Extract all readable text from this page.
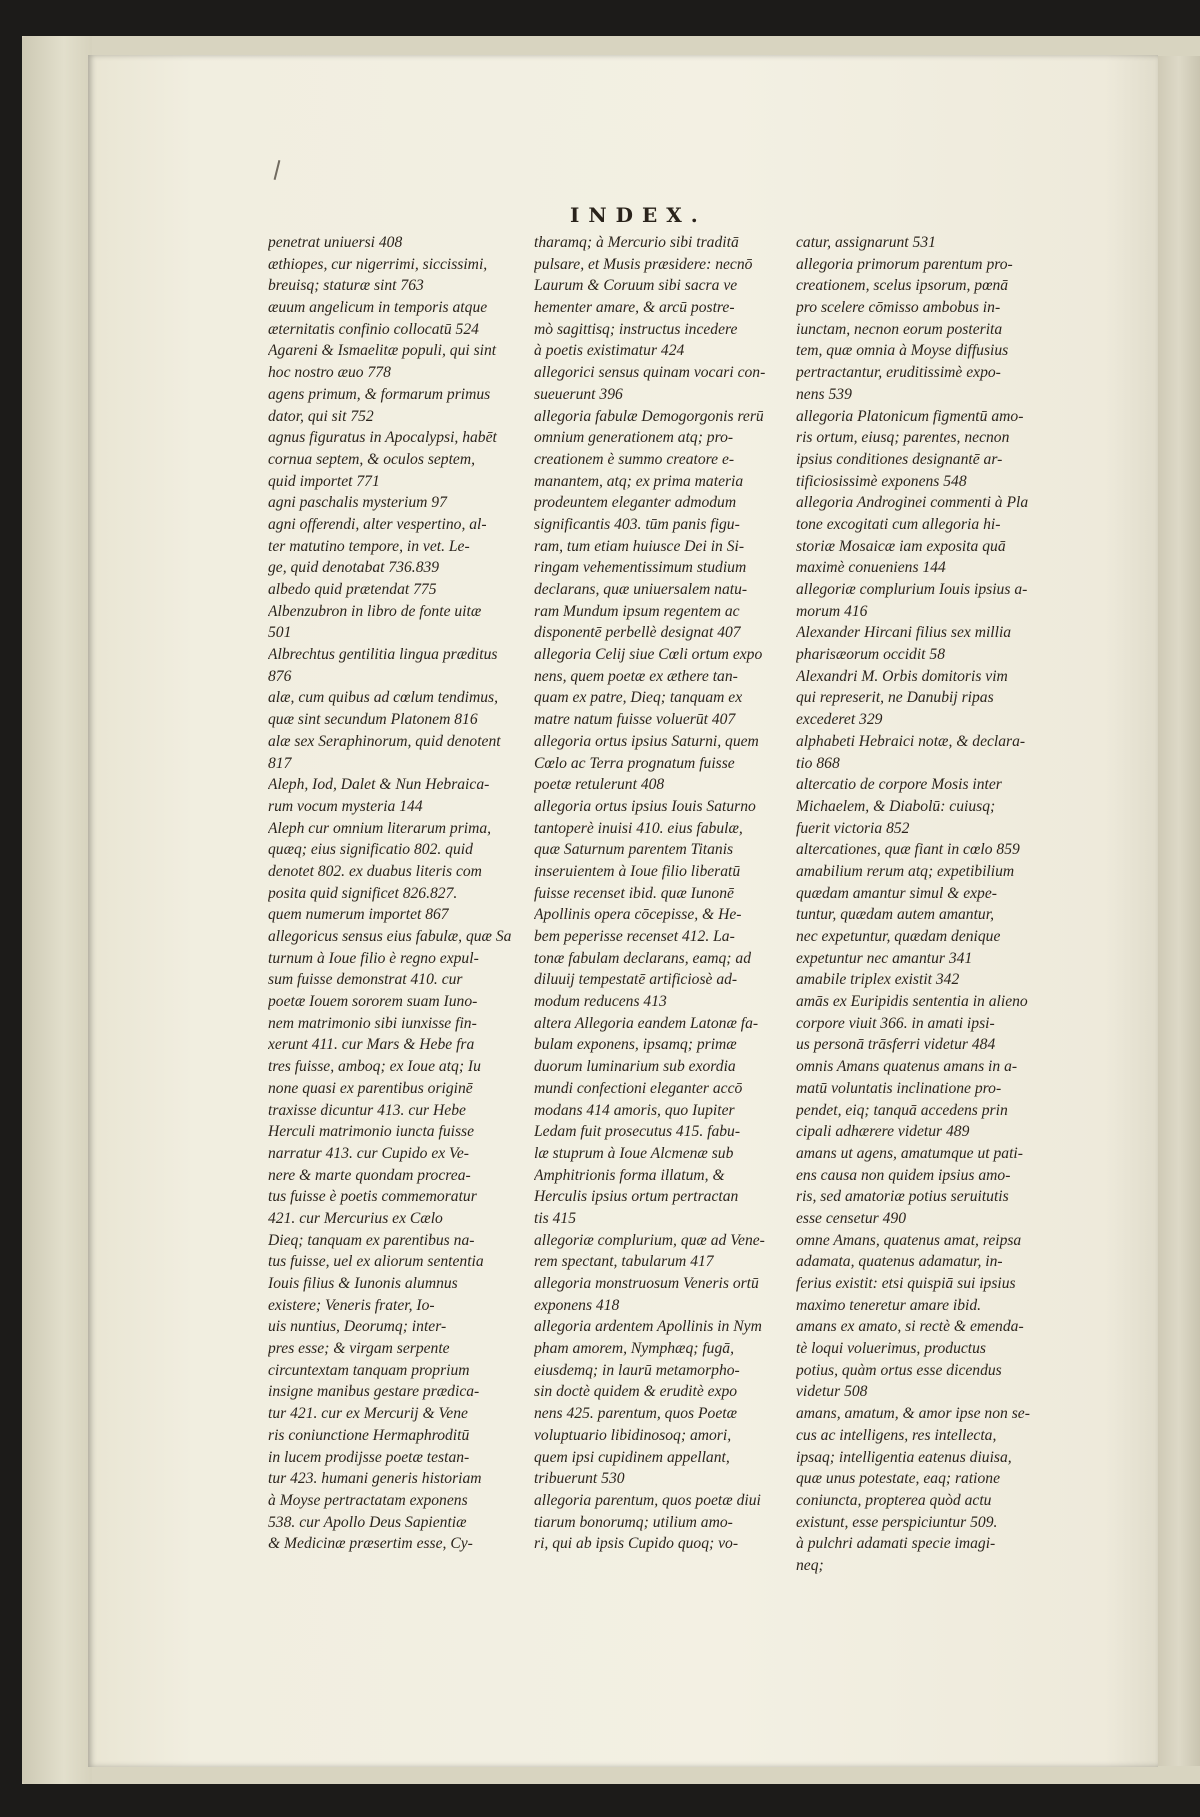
INDEX.
penetrat uniuersi 408
æthiopes, cur nigerrimi, siccissimi,
breuisq; staturæ sint 763
æuum angelicum in temporis atque
æternitatis confinio collocatū 524
Agareni & Ismaelitæ populi, qui sint
hoc nostro æuo 778
agens primum, & formarum primus
dator, qui sit 752
agnus figuratus in Apocalypsi, habēt
cornua septem, & oculos septem,
quid importet 771
agni paschalis mysterium 97
agni offerendi, alter vespertino, al-
ter matutino tempore, in vet. Le-
ge, quid denotabat 736.839
albedo quid prætendat 775
Albenzubron in libro de fonte uitæ
501
Albrechtus gentilitia lingua præditus
876
alæ, cum quibus ad cœlum tendimus,
quæ sint secundum Platonem 816
alæ sex Seraphinorum, quid denotent
817
Aleph, Iod, Dalet & Nun Hebraica-
rum vocum mysteria 144
Aleph cur omnium literarum prima,
quæq; eius significatio 802. quid
denotet 802. ex duabus literis com
posita quid significet 826.827.
quem numerum importet 867
allegoricus sensus eius fabulæ, quæ Sa
turnum à Ioue filio è regno expul-
sum fuisse demonstrat 410. cur
poetæ Iouem sororem suam Iuno-
nem matrimonio sibi iunxisse fin-
xerunt 411. cur Mars & Hebe fra
tres fuisse, amboq; ex Ioue atq; Iu
none quasi ex parentibus originē
traxisse dicuntur 413. cur Hebe
Herculi matrimonio iuncta fuisse
narratur 413. cur Cupido ex Ve-
nere & marte quondam procrea-
tus fuisse è poetis commemoratur
421. cur Mercurius ex Cælo
Dieq; tanquam ex parentibus na-
tus fuisse, uel ex aliorum sententia
Iouis filius & Iunonis alumnus
existere; Veneris frater, Io-
uis nuntius, Deorumq; inter-
pres esse; & virgam serpente
circuntextam tanquam proprium
insigne manibus gestare prædica-
tur 421. cur ex Mercurij & Vene
ris coniunctione Hermaphroditū
in lucem prodijsse poetæ testan-
tur 423. humani generis historiam
à Moyse pertractatam exponens
538. cur Apollo Deus Sapientiæ
& Medicinæ præsertim esse, Cy-
tharamq; à Mercurio sibi traditā
pulsare, et Musis præsidere: necnō
Laurum & Coruum sibi sacra ve
hementer amare, & arcū postre-
mò sagittisq; instructus incedere
à poetis existimatur 424
allegorici sensus quinam vocari con-
sueuerunt 396
allegoria fabulæ Demogorgonis rerū
omnium generationem atq; pro-
creationem è summo creatore e-
manantem, atq; ex prima materia
prodeuntem eleganter admodum
significantis 403. tūm panis figu-
ram, tum etiam huiusce Dei in Si-
ringam vehementissimum studium
declarans, quæ uniuersalem natu-
ram Mundum ipsum regentem ac
disponentē perbellè designat 407
allegoria Celij siue Cœli ortum expo
nens, quem poetæ ex æthere tan-
quam ex patre, Dieq; tanquam ex
matre natum fuisse voluerūt 407
allegoria ortus ipsius Saturni, quem
Cœlo ac Terra prognatum fuisse
poetæ retulerunt 408
allegoria ortus ipsius Iouis Saturno
tantoperè inuisi 410. eius fabulæ,
quæ Saturnum parentem Titanis
inseruientem à Ioue filio liberatū
fuisse recenset ibid. quæ Iunonē
Apollinis opera cōcepisse, & He-
bem peperisse recenset 412. La-
tonæ fabulam declarans, eamq; ad
diluuij tempestatē artificiosè ad-
modum reducens 413
altera Allegoria eandem Latonæ fa-
bulam exponens, ipsamq; primæ
duorum luminarium sub exordia
mundi confectioni eleganter accō
modans 414 amoris, quo Iupiter
Ledam fuit prosecutus 415. fabu-
læ stuprum à Ioue Alcmenæ sub
Amphitrionis forma illatum, &
Herculis ipsius ortum pertractan
tis 415
allegoriæ complurium, quæ ad Vene-
rem spectant, tabularum 417
allegoria monstruosum Veneris ortū
exponens 418
allegoria ardentem Apollinis in Nym
pham amorem, Nymphæq; fugā,
eiusdemq; in laurū metamorpho-
sin doctè quidem & eruditè expo
nens 425. parentum, quos Poetæ
voluptuario libidinosoq; amori,
quem ipsi cupidinem appellant,
tribuerunt 530
allegoria parentum, quos poetæ diui
tiarum bonorumq; utilium amo-
ri, qui ab ipsis Cupido quoq; vo-
catur, assignarunt 531
allegoria primorum parentum pro-
creationem, scelus ipsorum, pœnā
pro scelere cōmisso ambobus in-
iunctam, necnon eorum posterita
tem, quæ omnia à Moyse diffusius
pertractantur, eruditissimè expo-
nens 539
allegoria Platonicum figmentū amo-
ris ortum, eiusq; parentes, necnon
ipsius conditiones designantē ar-
tificiosissimè exponens 548
allegoria Androginei commenti à Pla
tone excogitati cum allegoria hi-
storiæ Mosaicæ iam exposita quā
maximè conueniens 144
allegoriæ complurium Iouis ipsius a-
morum 416
Alexander Hircani filius sex millia
pharisæorum occidit 58
Alexandri M. Orbis domitoris vim
qui represerit, ne Danubij ripas
excederet 329
alphabeti Hebraici notæ, & declara-
tio 868
altercatio de corpore Mosis inter
Michaelem, & Diabolū: cuiusq;
fuerit victoria 852
altercationes, quæ fiant in cœlo 859
amabilium rerum atq; expetibilium
quædam amantur simul & expe-
tuntur, quædam autem amantur,
nec expetuntur, quædam denique
expetuntur nec amantur 341
amabile triplex existit 342
amās ex Euripidis sententia in alieno
corpore viuit 366. in amati ipsi-
us personā trāsferri videtur 484
omnis Amans quatenus amans in a-
matū voluntatis inclinatione pro-
pendet, eiq; tanquā accedens prin
cipali adhærere videtur 489
amans ut agens, amatumque ut pati-
ens causa non quidem ipsius amo-
ris, sed amatoriæ potius seruitutis
esse censetur 490
omne Amans, quatenus amat, reipsa
adamata, quatenus adamatur, in-
ferius existit: etsi quispiā sui ipsius
maximo teneretur amare ibid.
amans ex amato, si rectè & emenda-
tè loqui voluerimus, productus
potius, quàm ortus esse dicendus
videtur 508
amans, amatum, & amor ipse non se-
cus ac intelligens, res intellecta,
ipsaq; intelligentia eatenus diuisa,
quæ unus potestate, eaq; ratione
coniuncta, propterea quòd actu
existunt, esse perspiciuntur 509.
à pulchri adamati specie imagi-
neq;
